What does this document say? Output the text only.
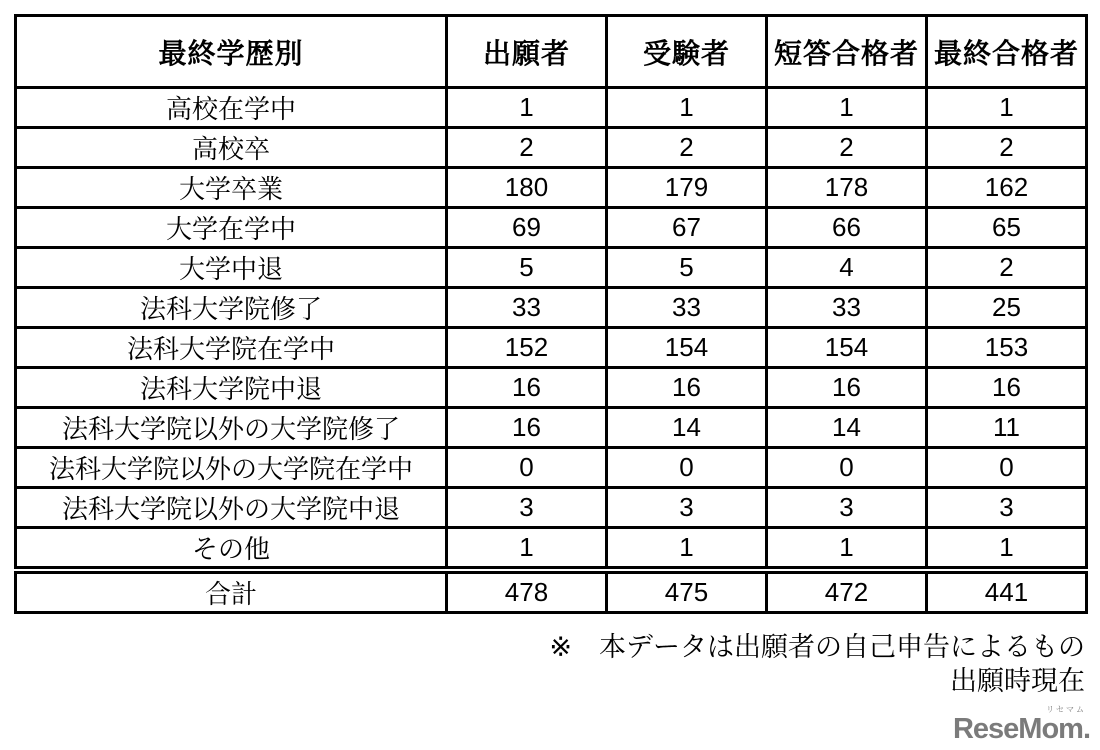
最終学歴別	出願者	受験者	短答合格者	最終合格者
高校在学中	1	1	1	1
高校卒	2	2	2	2
大学卒業	180	179	178	162
大学在学中	69	67	66	65
大学中退	5	5	4	2
法科大学院修了	33	33	33	25
法科大学院在学中	152	154	154	153
法科大学院中退	16	16	16	16
法科大学院以外の大学院修了	16	14	14	11
法科大学院以外の大学院在学中	0	0	0	0
法科大学院以外の大学院中退	3	3	3	3
その他	1	1	1	1
合計	478	475	472	441
※　本データは出願者の自己申告によるもの
出願時現在
リセマム
ReseMom.
